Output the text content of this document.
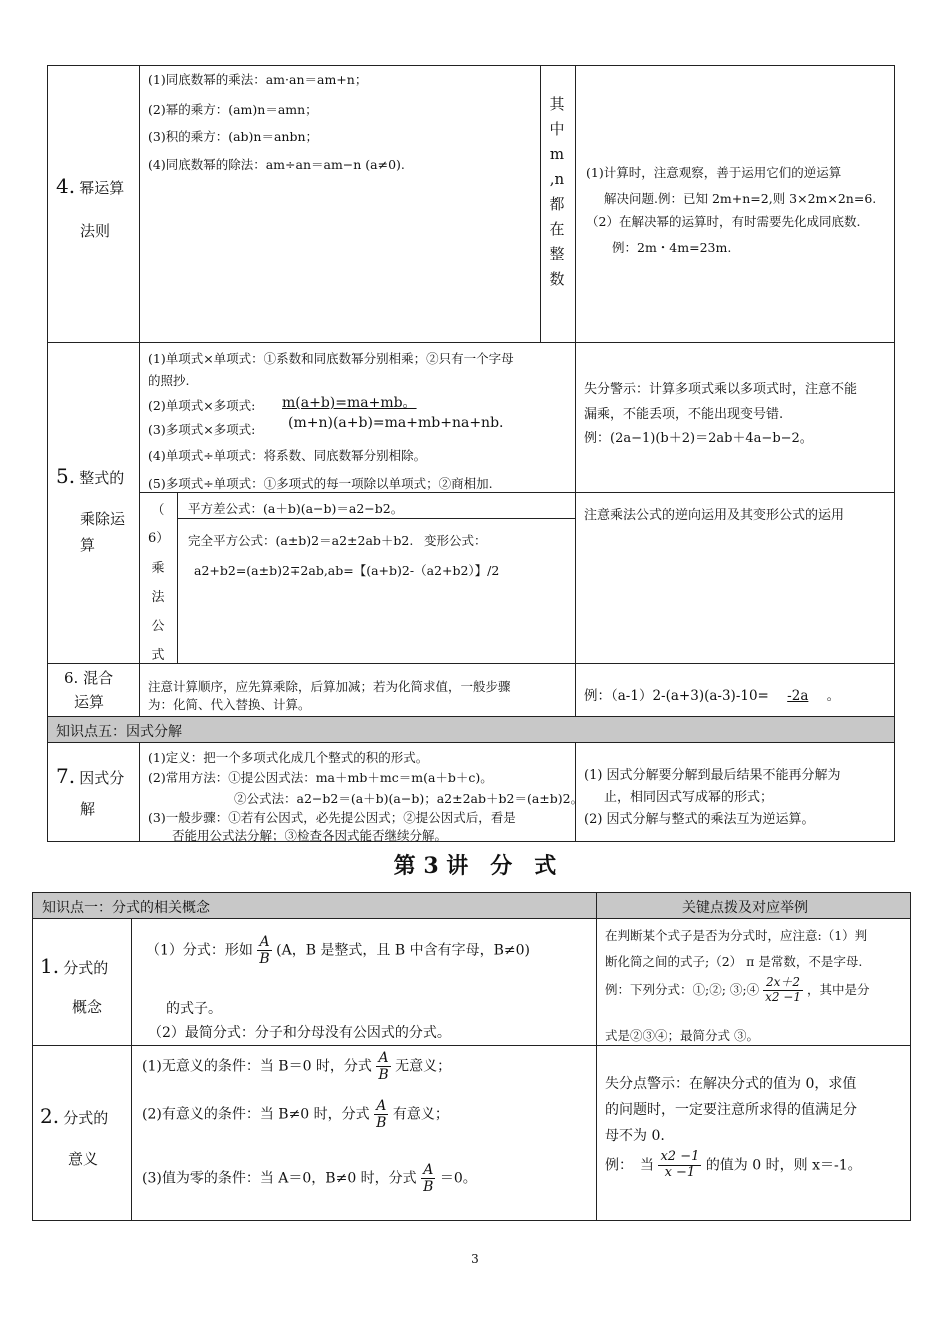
4. 幂运算
法则
(1)同底数幂的乘法：am·an＝am+n；
(2)幂的乘方：(am)n＝amn；
(3)积的乘方：(ab)n＝anbn；
(4)同底数幂的除法：am÷an＝am−n (a≠0).
其
中
m
,n
都
在
整
数
(1)计算时，注意观察，善于运用它们的逆运算
解决问题.例：已知 2m+n=2,则 3×2m×2n=6.
（2）在解决幂的运算时，有时需要先化成同底数.
例：2m・4m=23m.
5. 整式的
乘除运
算
(1)单项式×单项式：①系数和同底数幂分别相乘；②只有一个字母
的照抄.
(2)单项式×多项式: m(a+b)=ma+mb。
(3)多项式×多项式: (m+n)(a+b)=ma+mb+na+nb.
(4)单项式÷单项式：将系数、同底数幂分别相除。
(5)多项式÷单项式：①多项式的每一项除以单项式；②商相加.
失分警示：计算多项式乘以多项式时，注意不能
漏乘，不能丢项，不能出现变号错.
例：(2a−1)(b＋2)＝2ab＋4a−b−2。
（
6）
乘
法
公
式
平方差公式：(a＋b)(a−b)＝a2−b2。
完全平方公式：(a±b)2＝a2±2ab＋b2. 变形公式：
a2+b2=(a±b)2∓2ab,ab=【(a+b)2-（a2+b2）】/2
注意乘法公式的逆向运用及其变形公式的运用
6. 混合
运算
注意计算顺序，应先算乘除，后算加减；若为化简求值，一般步骤
为：化简、代入替换、计算。
例：（a-1）2-(a+3)(a-3)-10= -2a 。
知识点五：因式分解
7. 因式分
解
(1)定义：把一个多项式化成几个整式的积的形式。
(2)常用方法：①提公因式法：ma＋mb＋mc＝m(a＋b＋c)。
②公式法：a2−b2＝(a＋b)(a−b)；a2±2ab＋b2＝(a±b)2。
(3)一般步骤：①若有公因式，必先提公因式；②提公因式后，看是
否能用公式法分解；③检查各因式能否继续分解。
(1) 因式分解要分解到最后结果不能再分解为
止，相同因式写成幂的形式；
(2) 因式分解与整式的乘法互为逆运算。
第 3 讲　分　式
知识点一：分式的相关概念	关键点拨及对应举例
1. 分式的
概念
（1）分式：形如 $\frac{A}{B} (A$，B 是整式，且 B 中含有字母，B≠0)
的式子。
（2）最简分式：分子和分母没有公因式的分式。
在判断某个式子是否为分式时，应注意:（1）判
断化简之间的式子;（2） π 是常数，不是字母.
例：下列分式：①;②; ③;④ $\frac{2x+2}{x2 -1}$ ，其中是分
式是②③④；最简分式 ③。
2. 分式的
意义
(1)无意义的条件：当 B＝0 时，分式 $\frac{A}{B}$ 无意义；
(2)有意义的条件：当 B≠0 时，分式 $\frac{A}{B}$ 有意义；
(3)值为零的条件：当 A＝0，B≠0 时，分式 $\frac{A}{B} =0$。
失分点警示：在解决分式的值为 0，求值
的问题时，一定要注意所求得的值满足分
母不为 0.
例：　当 $\frac{x2 -1}{x -1}$ 的值为 0 时，则 x＝-1。
3
